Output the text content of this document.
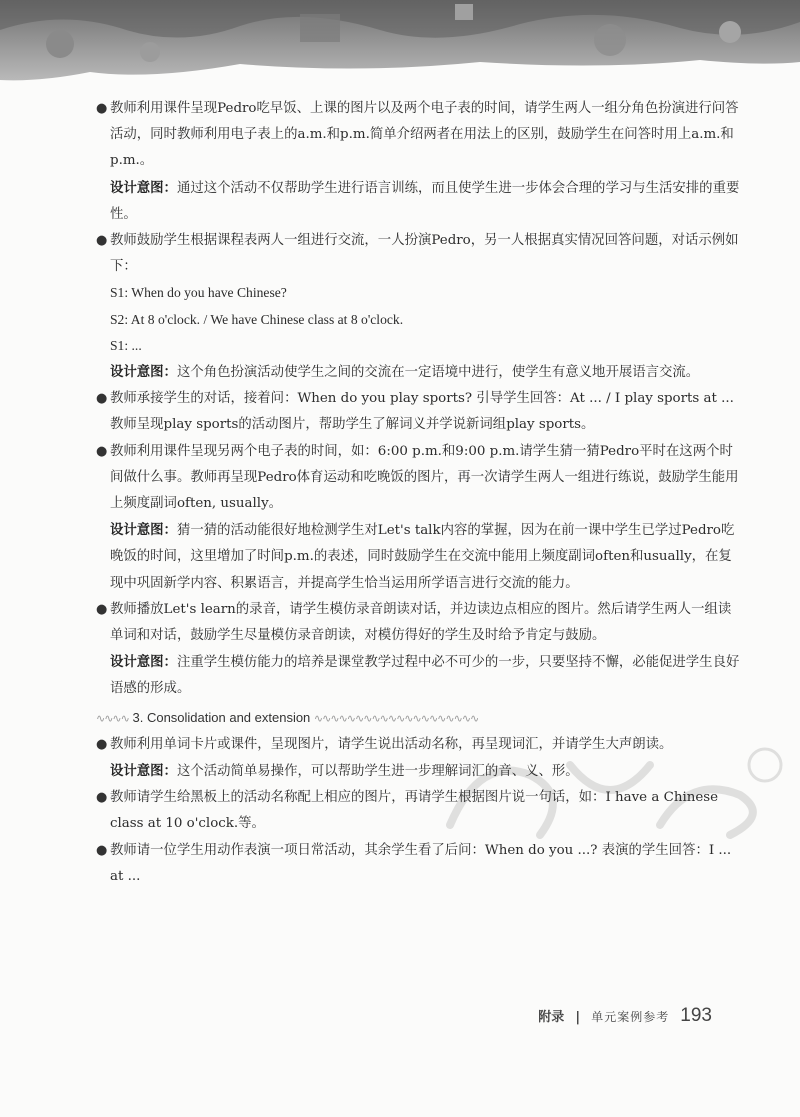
● 教师利用课件呈现Pedro吃早饭、上课的图片以及两个电子表的时间，请学生两人一组分角色扮演进行问答活动，同时教师利用电子表上的a.m.和p.m.简单介绍两者在用法上的区别，鼓励学生在问答时用上a.m.和p.m.。

设计意图：通过这个活动不仅帮助学生进行语言训练，而且使学生进一步体会合理的学习与生活安排的重要性。

● 教师鼓励学生根据课程表两人一组进行交流，一人扮演Pedro，另一人根据真实情况回答问题，对话示例如下：

S1: When do you have Chinese?

S2: At 8 o'clock. / We have Chinese class at 8 o'clock.

S1: ...

设计意图：这个角色扮演活动使学生之间的交流在一定语境中进行，使学生有意义地开展语言交流。

● 教师承接学生的对话，接着问：When do you play sports? 引导学生回答：At ... / I play sports at ... 教师呈现play sports的活动图片，帮助学生了解词义并学说新词组play sports。

● 教师利用课件呈现另两个电子表的时间，如：6:00 p.m.和9:00 p.m.请学生猜一猜Pedro平时在这两个时间做什么事。教师再呈现Pedro体育运动和吃晚饭的图片，再一次请学生两人一组进行练说，鼓励学生能用上频度副词often, usually。

设计意图：猜一猜的活动能很好地检测学生对Let's talk内容的掌握，因为在前一课中学生已学过Pedro吃晚饭的时间，这里增加了时间p.m.的表述，同时鼓励学生在交流中能用上频度副词often和usually，在复现中巩固新学内容、积累语言，并提高学生恰当运用所学语言进行交流的能力。

● 教师播放Let's learn的录音，请学生模仿录音朗读对话，并边读边点相应的图片。然后请学生两人一组读单词和对话，鼓励学生尽量模仿录音朗读，对模仿得好的学生及时给予肯定与鼓励。

设计意图：注重学生模仿能力的培养是课堂教学过程中必不可少的一步，只要坚持不懈，必能促进学生良好语感的形成。

∿∿∿∿ 3. Consolidation and extension ∿∿∿∿∿∿∿∿∿∿∿∿∿∿∿∿∿∿∿∿
● 教师利用单词卡片或课件，呈现图片，请学生说出活动名称，再呈现词汇，并请学生大声朗读。

设计意图：这个活动简单易操作，可以帮助学生进一步理解词汇的音、义、形。

● 教师请学生给黑板上的活动名称配上相应的图片，再请学生根据图片说一句话，如：I have a Chinese class at 10 o'clock.等。

● 教师请一位学生用动作表演一项日常活动，其余学生看了后问：When do you ...? 表演的学生回答：I ... at ...

附录 | 单元案例参考 193
